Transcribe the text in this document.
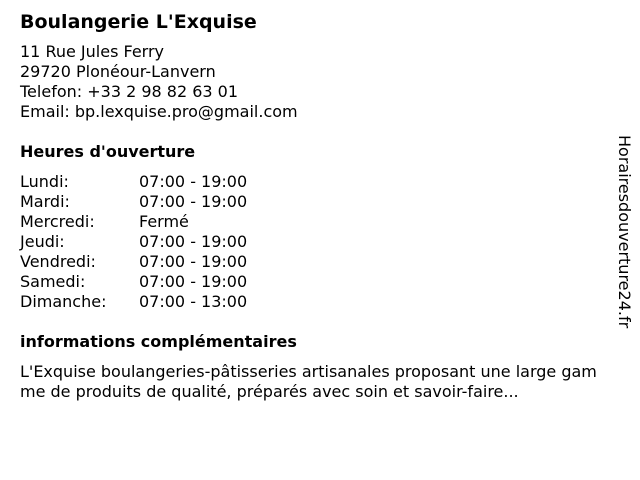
Boulangerie L'Exquise
11 Rue Jules Ferry
29720 Plonéour-Lanvern
Telefon: +33 2 98 82 63 01
Email: bp.lexquise.pro@gmail.com
Heures d'ouverture
Lundi:	07:00 - 19:00
Mardi:	07:00 - 19:00
Mercredi:	Fermé
Jeudi:	07:00 - 19:00
Vendredi:	07:00 - 19:00
Samedi:	07:00 - 19:00
Dimanche:	07:00 - 13:00
informations complémentaires
L'Exquise boulangeries-pâtisseries artisanales proposant une large gamme de produits de qualité, préparés avec soin et savoir-faire...
Horairesdouverture24.fr
